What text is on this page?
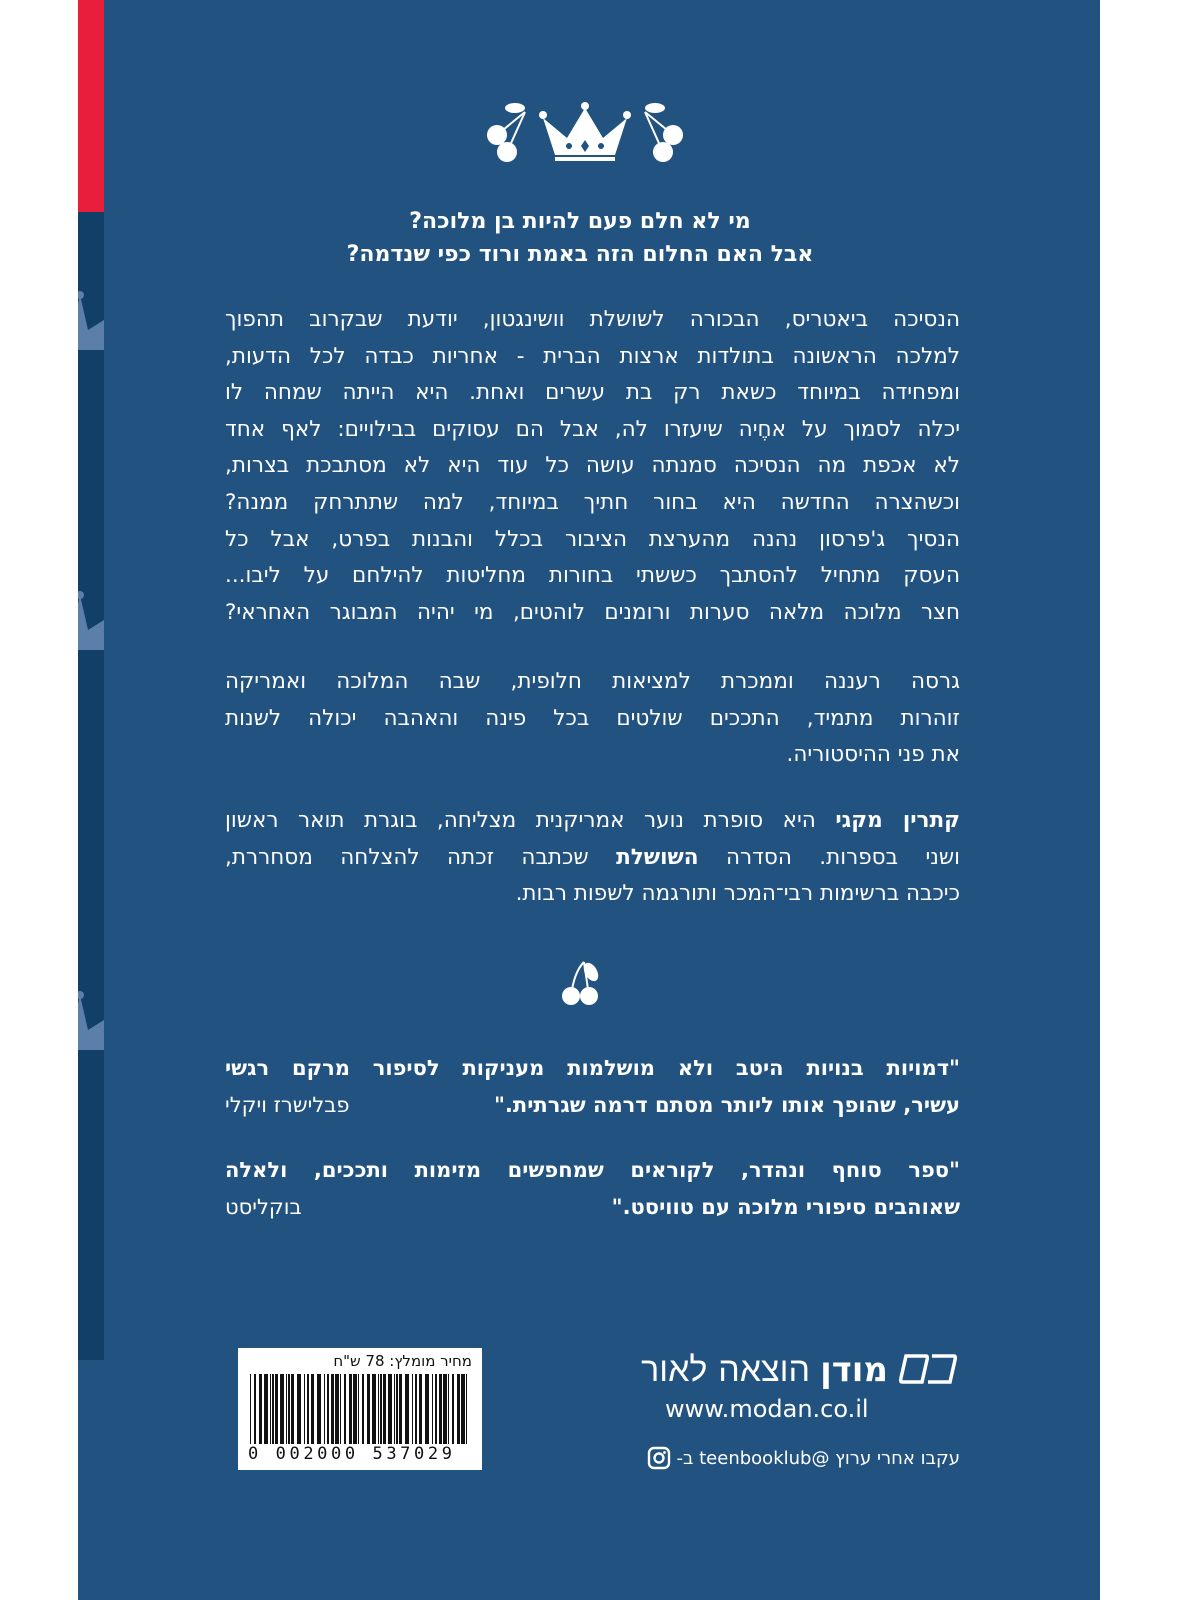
מי לא חלם פעם להיות בן מלוכה?
אבל האם החלום הזה באמת ורוד כפי שנדמה?
הנסיכה ביאטריס, הבכורה לשושלת וושינגטון, יודעת שבקרוב תהפוך
למלכה הראשונה בתולדות ארצות הברית - אחריות כבדה לכל הדעות,
ומפחידה במיוחד כשאת רק בת עשרים ואחת. היא הייתה שמחה לו
יכלה לסמוך על אחֶיה שיעזרו לה, אבל הם עסוקים בבילויים: לאף אחד
לא אכפת מה הנסיכה סמנתה עושה כל עוד היא לא מסתבכת בצרות,
וכשהצרה החדשה היא בחור חתיך במיוחד, למה שתתרחק ממנה?
הנסיך ג'פרסון נהנה מהערצת הציבור בכלל והבנות בפרט, אבל כל
העסק מתחיל להסתבך כששתי בחורות מחליטות להילחם על ליבו...
חצר מלוכה מלאה סערות ורומנים לוהטים, מי יהיה המבוגר האחראי?
גרסה רעננה וממכרת למציאות חלופית, שבה המלוכה ואמריקה
זוהרות מתמיד, התככים שולטים בכל פינה והאהבה יכולה לשנות
את פני ההיסטוריה.
קתרין מקגי היא סופרת נוער אמריקנית מצליחה, בוגרת תואר ראשון
ושני בספרות. הסדרה השושלת שכתבה זכתה להצלחה מסחררת,
כיכבה ברשימות רבי־המכר ותורגמה לשפות רבות.
"דמויות בנויות היטב ולא מושלמות מעניקות לסיפור מרקם רגשי
עשיר, שהופך אותו ליותר מסתם דרמה שגרתית."
פבלישרז ויקלי
"ספר סוחף ונהדר, לקוראים שמחפשים מזימות ותככים, ולאלה
שאוהבים סיפורי מלוכה עם טוויסט."
בוקליסט
מחיר מומלץ: 78 ש"ח
0 002000 537029
מודן
הוצאה לאור
www.modan.co.il
עקבו אחרי ערוץ @teenbooklub ב-
